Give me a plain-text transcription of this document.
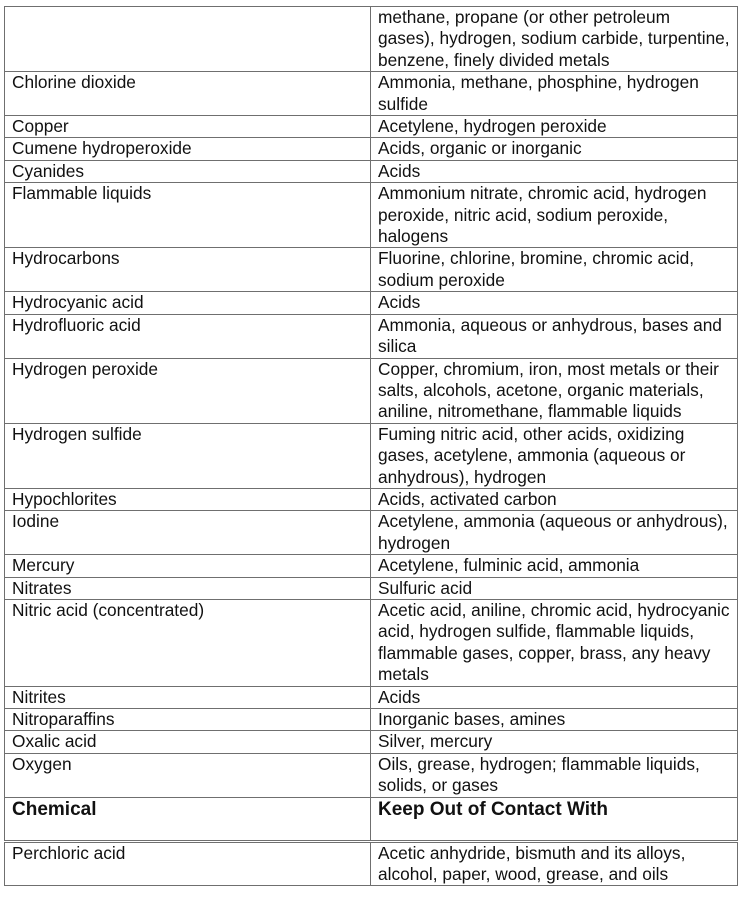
	methane, propane (or other petroleum gases), hydrogen, sodium carbide, turpentine, benzene, finely divided metals
Chlorine dioxide	Ammonia, methane, phosphine, hydrogen sulfide
Copper	Acetylene, hydrogen peroxide
Cumene hydroperoxide	Acids, organic or inorganic
Cyanides	Acids
Flammable liquids	Ammonium nitrate, chromic acid, hydrogen peroxide, nitric acid, sodium peroxide, halogens
Hydrocarbons	Fluorine, chlorine, bromine, chromic acid, sodium peroxide
Hydrocyanic acid	Acids
Hydrofluoric acid	Ammonia, aqueous or anhydrous, bases and silica
Hydrogen peroxide	Copper, chromium, iron, most metals or their salts, alcohols, acetone, organic materials, aniline, nitromethane, flammable liquids
Hydrogen sulfide	Fuming nitric acid, other acids, oxidizing gases, acetylene, ammonia (aqueous or anhydrous), hydrogen
Hypochlorites	Acids, activated carbon
Iodine	Acetylene, ammonia (aqueous or anhydrous), hydrogen
Mercury	Acetylene, fulminic acid, ammonia
Nitrates	Sulfuric acid
Nitric acid (concentrated)	Acetic acid, aniline, chromic acid, hydrocyanic acid, hydrogen sulfide, flammable liquids, flammable gases, copper, brass, any heavy metals
Nitrites	Acids
Nitroparaffins	Inorganic bases, amines
Oxalic acid	Silver, mercury
Oxygen	Oils, grease, hydrogen; flammable liquids, solids, or gases

Chemical	Keep Out of Contact With

Perchloric acid	Acetic anhydride, bismuth and its alloys, alcohol, paper, wood, grease, and oils
